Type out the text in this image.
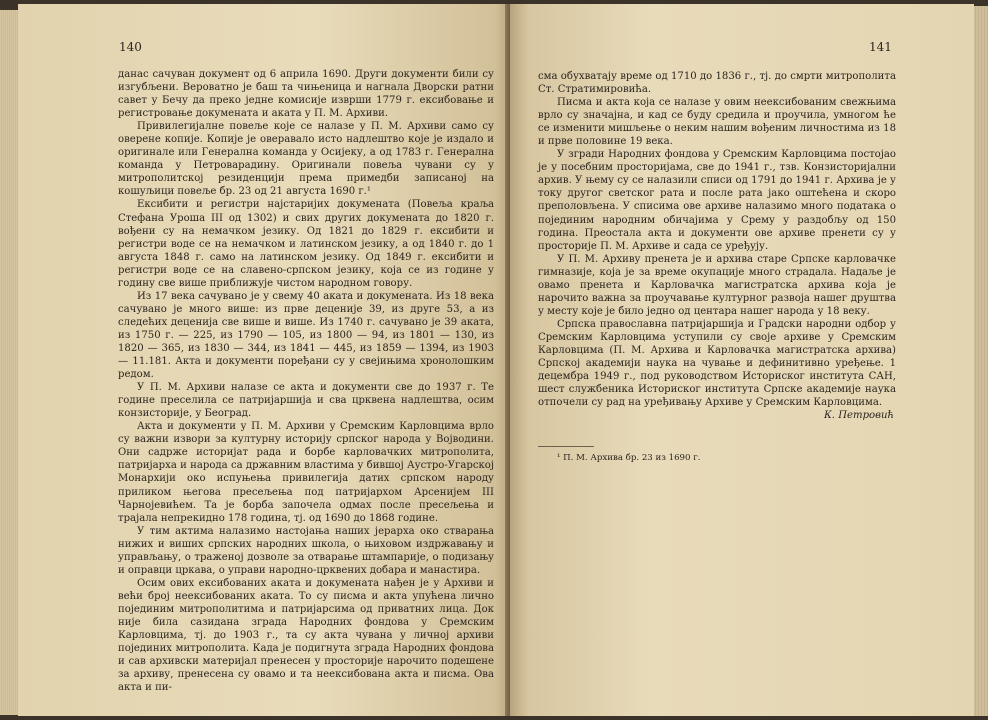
140

данас сачуван документ од 6 априла 1690. Други документи били су изгубљени. Вероватно је баш та чињеница и нагнала Дворски ратни савет у Бечу да преко једне комисије изврши 1779 г. ексибовање и регистровање докумената и аката у П. М. Архиви.

Привилегијалне повеље које се налазе у П. М. Архиви само су оверене копије. Копије је оверавало исто надлештво које је издало и оригинале или Генерална команда у Осијеку, а од 1783 г. Генерална команда у Петроварадину. Оригинали повеља чувани су у митрополитској резиденцији према примедби записаној на кошуљици повеље бр. 23 од 21 августа 1690 г.¹

Ексибити и регистри најстаријих докумената (Повеља краља Стефана Уроша III од 1302) и свих других докумената до 1820 г. вођени су на немачком језику. Од 1821 до 1829 г. ексибити и регистри воде се на немачком и латинском језику, а од 1840 г. до 1 августа 1848 г. само на латинском језику. Од 1849 г. ексибити и регистри воде се на славено-српском језику, која се из године у годину све више приближује чистом народном говору.

Из 17 века сачувано је у свему 40 аката и докумената. Из 18 века сачувано је много више: из прве деценије 39, из друге 53, а из следећих деценија све више и више. Из 1740 г. сачувано је 39 аката, из 1750 г. — 225, из 1790 — 105, из 1800 — 94, из 1801 — 130, из 1820 — 365, из 1830 — 344, из 1841 — 445, из 1859 — 1394, из 1903 — 11.181. Акта и документи поређани су у свејињима хронолошким редом.

У П. М. Архиви налазе се акта и документи све до 1937 г. Те године преселила се патријаршија и сва црквена надлештва, осим конзисторије, у Београд.

Акта и документи у П. М. Архиви у Сремским Карловцима врло су важни извори за културну историју српског народа у Војводини. Они садрже историјат рада и борбе карловачких митрополита, патријарха и народа са државним властима у бившој Аустро-Угарској Монархији око испуњења привилегија датих српском народу приликом његова пресељења под патријархом Арсенијем III Чарнојевићем. Та је борба започела одмах после пресељења и трајала непрекидно 178 година, тј. од 1690 до 1868 године.

У тим актима налазимо настојања наших јерарха око стварања нижих и виших српских народних школа, о њиховом издржавању и управљању, о траженој дозволе за отварање штампарије, о подизању и оправци цркава, о управи народно-црквених добара и манастира.

Осим ових ексибованих аката и докумената нађен је у Архиви и већи број неексибованих аката. То су писма и акта упућена лично појединим митрополитима и патријарсима од приватних лица. Док није била сазидана зграда Народних фондова у Сремским Карловцима, тј. до 1903 г., та су акта чувана у личној архиви појединих митрополита. Када је подигнута зграда Народних фондова и сав архивски материјал пренесен у просторије нарочито подешене за архиву, пренесена су овамо и та неексибована акта и писма. Ова акта и пи-

141

сма обухватају време од 1710 до 1836 г., тј. до смрти митрополита Ст. Стратимировића.

Писма и акта која се налазе у овим неексибованим свежњима врло су значајна, и кад се буду средила и проучила, умногом ће се изменити мишљење о неким нашим вођеним личностима из 18 и прве половине 19 века.

У згради Народних фондова у Сремским Карловцима постојао је у посебним просторијама, све до 1941 г., тзв. Конзисторијални архив. У њему су се налазили списи од 1791 до 1941 г. Архива је у току другог светског рата и после рата јако оштећена и скоро преполовљена. У списима ове архиве налазимо много података о појединим народним обичајима у Срему у раздобљу од 150 година. Преостала акта и документи ове архиве пренети су у просторије П. М. Архиве и сада се уређују.

У П. М. Архиву пренета је и архива старе Српске карловачке гимназије, која је за време окупације много страдала. Надаље је овамо пренета и Карловачка магистратска архива која је нарочито важна за проучавање културног развоја нашег друштва у месту које је било једно од центара нашег народа у 18 веку.

Српска православна патријаршија и Градски народни одбор у Сремским Карловцима уступили су своје архиве у Сремским Карловцима (П. М. Архива и Карловачка магистратска архива) Српској академији наука на чување и дефинитивно уређење. 1 децембра 1949 г., под руководством Историског института САН, шест службеника Историског института Српске академије наука отпочели су рад на уређивању Архиве у Сремским Карловцима.

К. Петровић

¹ П. М. Архива бр. 23 из 1690 г.
